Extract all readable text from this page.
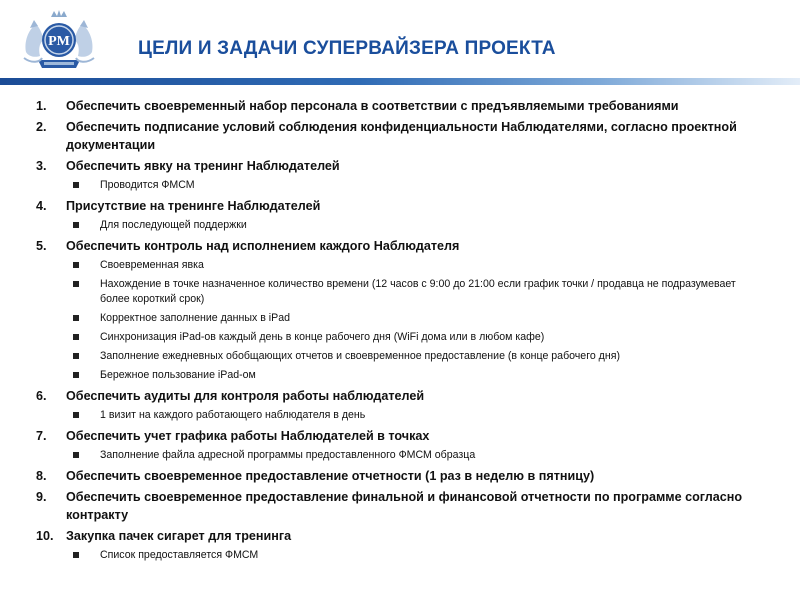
PM	ЦЕЛИ И ЗАДАЧИ СУПЕРВАЙЗЕРА ПРОЕКТА
1. Обеспечить своевременный набор персонала в соответствии с предъявляемыми требованиями
2. Обеспечить подписание условий соблюдения конфиденциальности Наблюдателями, согласно проектной документации
3. Обеспечить явку на тренинг Наблюдателей
Проводится ФМСМ
4. Присутствие на тренинге Наблюдателей
Для последующей поддержки
5. Обеспечить контроль над исполнением каждого Наблюдателя
Своевременная явка
Нахождение в точке назначенное количество времени (12 часов с 9:00 до 21:00 если график точки / продавца не подразумевает более короткий срок)
Корректное заполнение данных в iPad
Синхронизация iPad-ов каждый день в конце рабочего дня (WiFi дома или в любом кафе)
Заполнение ежедневных обобщающих отчетов и своевременное предоставление (в конце рабочего дня)
Бережное пользование iPad-ом
6. Обеспечить аудиты для контроля работы наблюдателей
1 визит на каждого работающего наблюдателя в день
7. Обеспечить учет графика работы Наблюдателей в точках
Заполнение файла адресной программы предоставленного ФМСМ образца
8. Обеспечить своевременное предоставление отчетности (1 раз в неделю в пятницу)
9. Обеспечить своевременное предоставление финальной и финансовой отчетности по программе согласно контракту
10. Закупка пачек сигарет для тренинга
Список предоставляется ФМСМ
